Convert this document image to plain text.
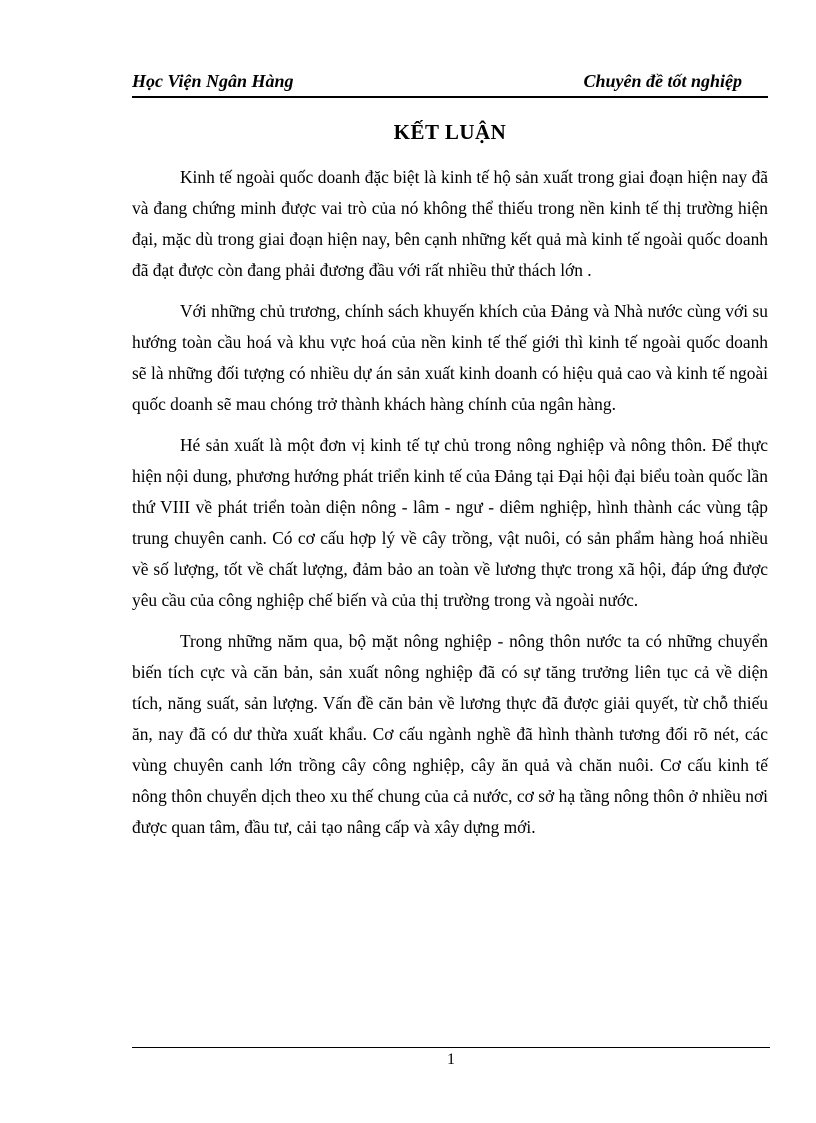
Học Viện Ngân Hàng	Chuyên đề tốt nghiệp
KẾT LUẬN

Kinh tế ngoài quốc doanh đặc biệt là kinh tế hộ sản xuất trong giai đoạn hiện nay đã và đang chứng minh được vai trò của nó không thể thiếu trong nền kinh tế thị trường hiện đại, mặc dù trong giai đoạn hiện nay, bên cạnh những kết quả mà kinh tế ngoài quốc doanh đã đạt được còn đang phải đương đầu với rất nhiều thử thách lớn .

Với những chủ trương, chính sách khuyến khích của Đảng và Nhà nước cùng với su hướng toàn cầu hoá và khu vực hoá của nền kinh tế thế giới thì kinh tế ngoài quốc doanh sẽ là những đối tượng có nhiều dự án sản xuất kinh doanh có hiệu quả cao và kinh tế ngoài quốc doanh sẽ mau chóng trở thành khách hàng chính của ngân hàng.

Hé sản xuất là một đơn vị kinh tế tự chủ trong nông nghiệp và nông thôn. Để thực hiện nội dung, phương hướng phát triển kinh tế của Đảng tại Đại hội đại biểu toàn quốc lần thứ VIII về phát triển toàn diện nông - lâm - ngư - diêm nghiệp, hình thành các vùng tập trung chuyên canh. Có cơ cấu hợp lý về cây trồng, vật nuôi, có sản phẩm hàng hoá nhiều về số lượng, tốt về chất lượng, đảm bảo an toàn về lương thực trong xã hội, đáp ứng được yêu cầu của công nghiệp chế biến và của thị trường trong và ngoài nước.

Trong những năm qua, bộ mặt nông nghiệp - nông thôn nước ta có những chuyển biến tích cực và căn bản, sản xuất nông nghiệp đã có sự tăng trưởng liên tục cả về diện tích, năng suất, sản lượng. Vấn đề căn bản về lương thực đã được giải quyết, từ chỗ thiếu ăn, nay đã có dư thừa xuất khẩu. Cơ cấu ngành nghề đã hình thành tương đối rõ nét, các vùng chuyên canh lớn trồng cây công nghiệp, cây ăn quả và chăn nuôi. Cơ cấu kinh tế nông thôn chuyển dịch theo xu thế chung của cả nước, cơ sở hạ tầng nông thôn ở nhiều nơi được quan tâm, đầu tư, cải tạo nâng cấp và xây dựng mới.

1
